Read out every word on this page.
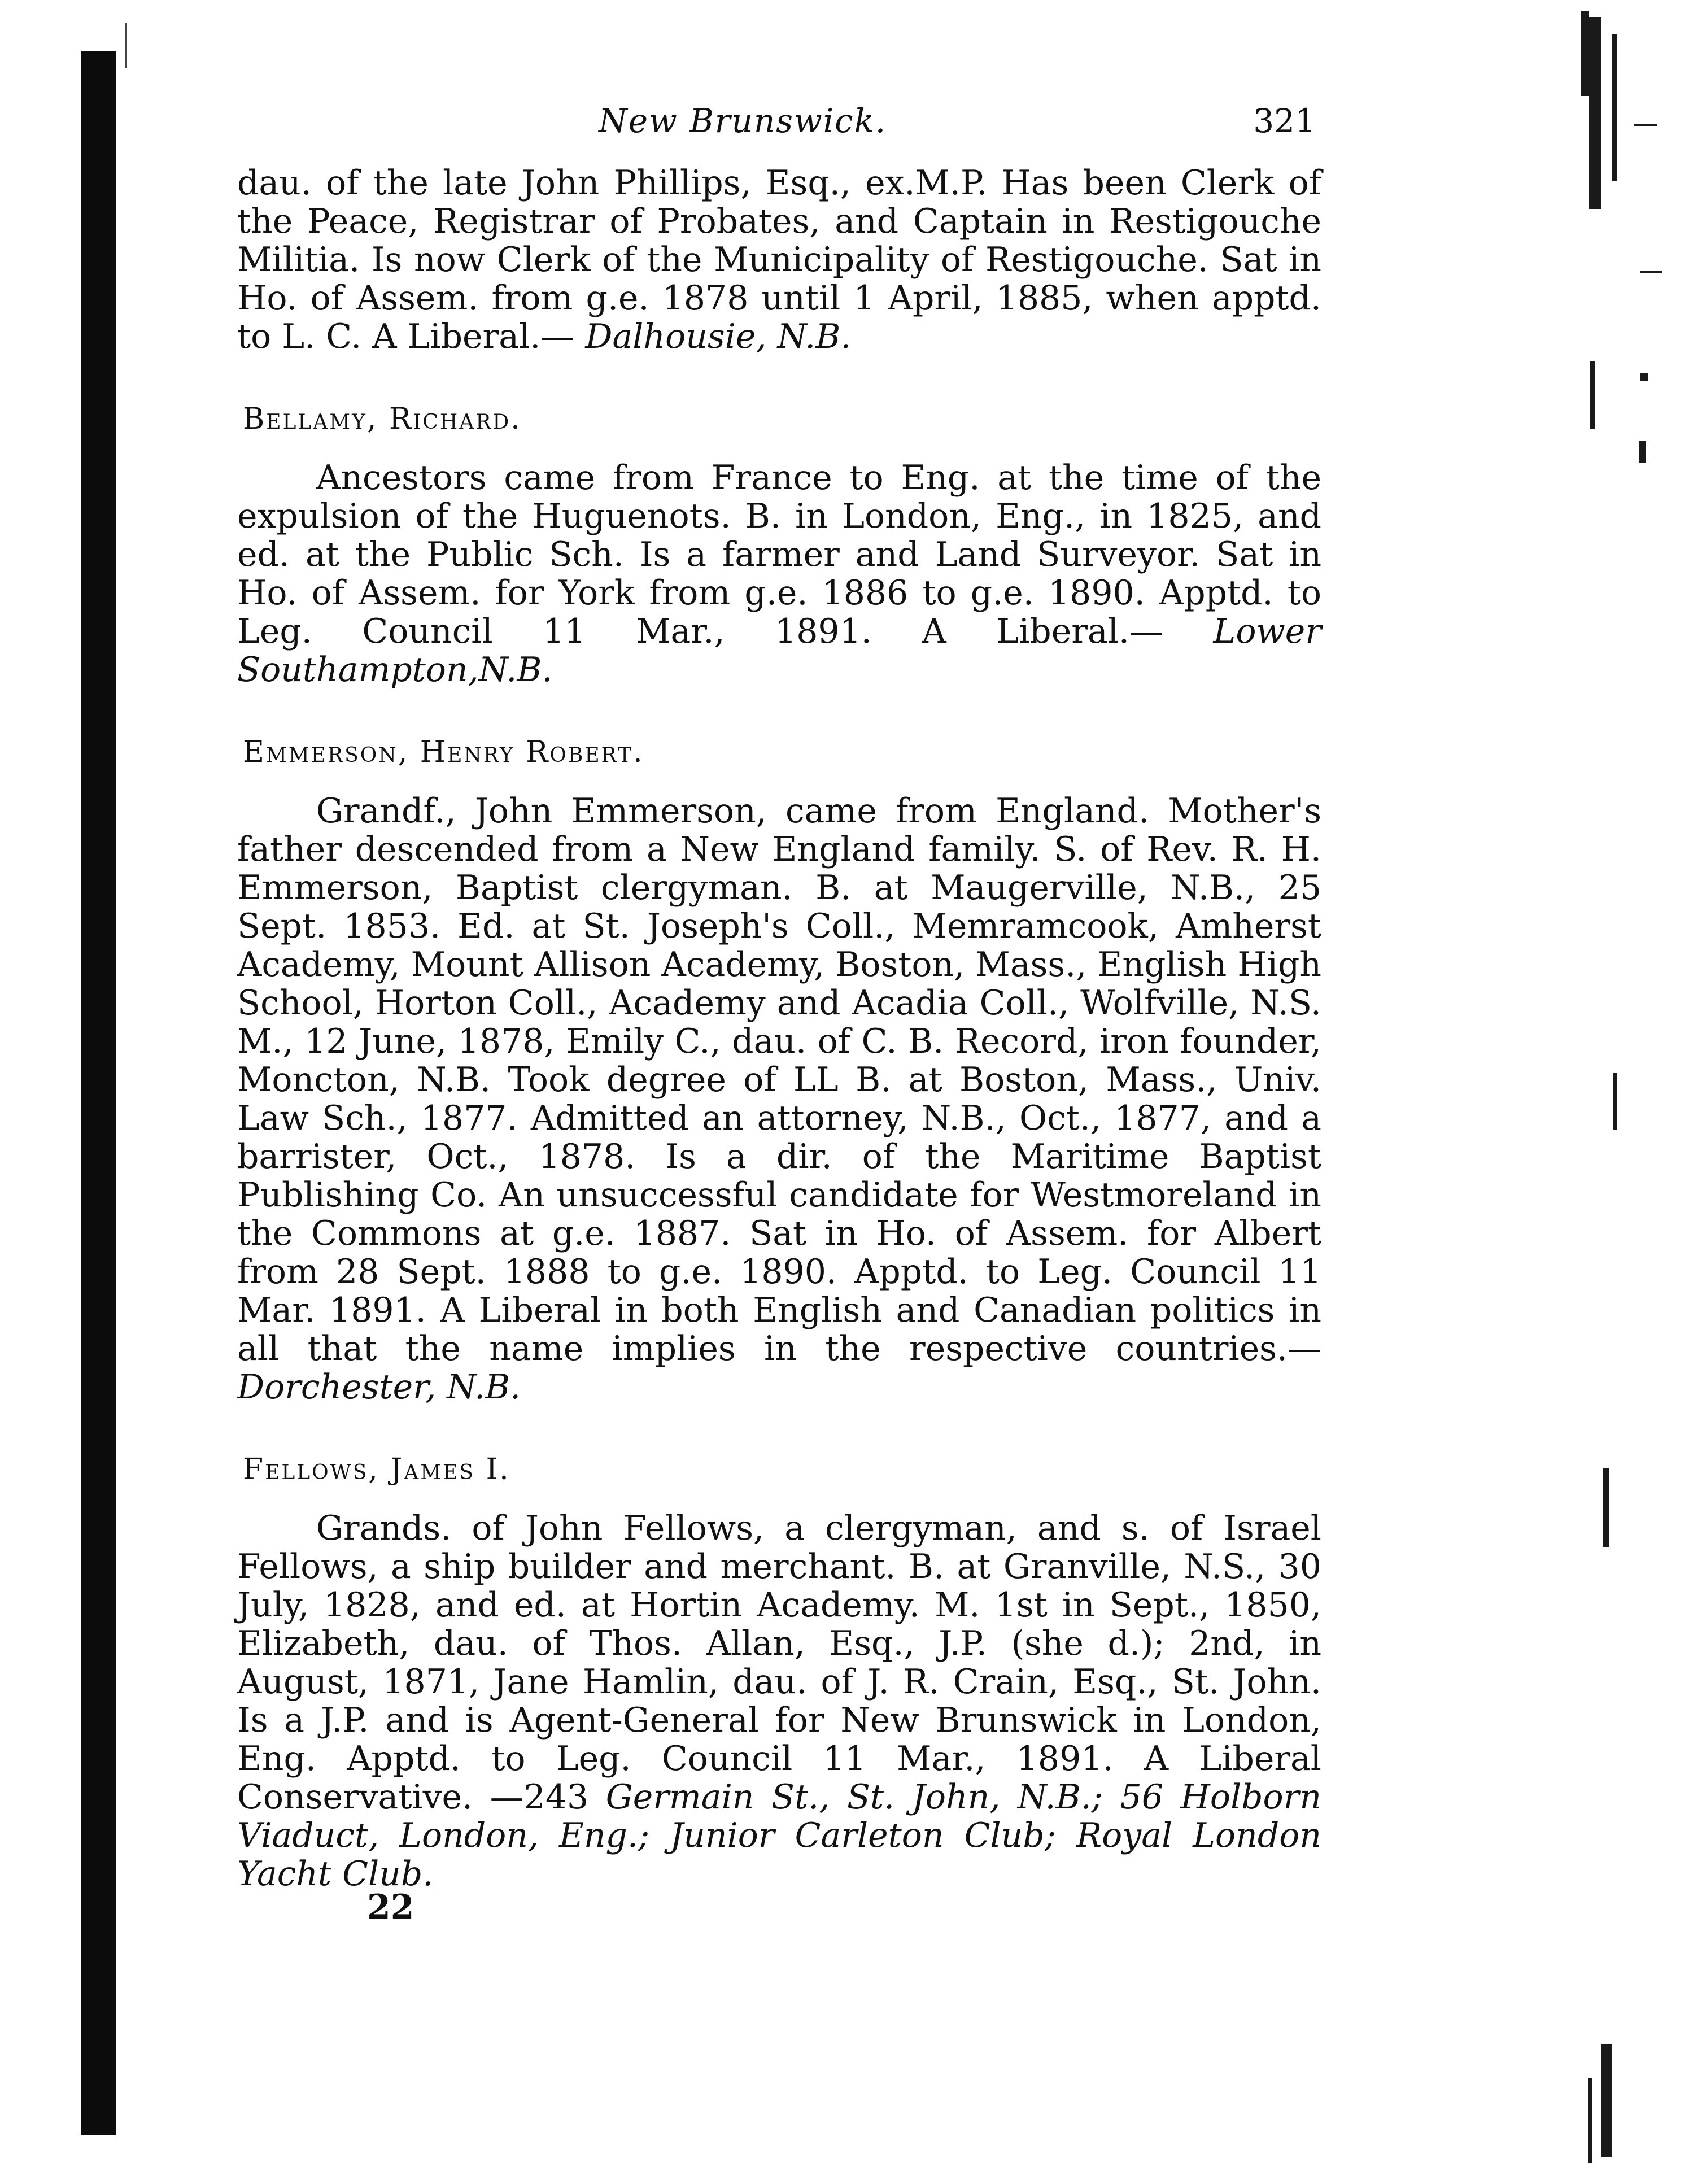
New Brunswick.	321

dau. of the late John Phillips, Esq., ex.M.P. Has been Clerk of the Peace, Registrar of Probates, and Captain in Restigouche Militia. Is now Clerk of the Municipality of Restigouche. Sat in Ho. of Assem. from g.e. 1878 until 1 April, 1885, when apptd. to L. C. A Liberal.— Dalhousie, N.B.

Bellamy, Richard.

Ancestors came from France to Eng. at the time of the expulsion of the Huguenots. B. in London, Eng., in 1825, and ed. at the Public Sch. Is a farmer and Land Surveyor. Sat in Ho. of Assem. for York from g.e. 1886 to g.e. 1890. Apptd. to Leg. Council 11 Mar., 1891. A Liberal.— Lower Southampton,N.B.

Emmerson, Henry Robert.

Grandf., John Emmerson, came from England. Mother's father descended from a New England family. S. of Rev. R. H. Emmerson, Baptist clergyman. B. at Maugerville, N.B., 25 Sept. 1853. Ed. at St. Joseph's Coll., Memramcook, Amherst Academy, Mount Allison Academy, Boston, Mass., English High School, Horton Coll., Academy and Acadia Coll., Wolfville, N.S. M., 12 June, 1878, Emily C., dau. of C. B. Record, iron founder, Moncton, N.B. Took degree of LL B. at Boston, Mass., Univ. Law Sch., 1877. Admitted an attorney, N.B., Oct., 1877, and a barrister, Oct., 1878. Is a dir. of the Maritime Baptist Publishing Co. An unsuccessful candidate for Westmoreland in the Commons at g.e. 1887. Sat in Ho. of Assem. for Albert from 28 Sept. 1888 to g.e. 1890. Apptd. to Leg. Council 11 Mar. 1891. A Liberal in both English and Canadian politics in all that the name implies in the respective countries.— Dorchester, N.B.

Fellows, James I.

Grands. of John Fellows, a clergyman, and s. of Israel Fellows, a ship builder and merchant. B. at Granville, N.S., 30 July, 1828, and ed. at Hortin Academy. M. 1st in Sept., 1850, Elizabeth, dau. of Thos. Allan, Esq., J.P. (she d.); 2nd, in August, 1871, Jane Hamlin, dau. of J. R. Crain, Esq., St. John. Is a J.P. and is Agent-General for New Brunswick in London, Eng. Apptd. to Leg. Council 11 Mar., 1891. A Liberal Conservative. —243 Germain St., St. John, N.B.; 56 Holborn Viaduct, London, Eng.; Junior Carleton Club; Royal London Yacht Club.

22
